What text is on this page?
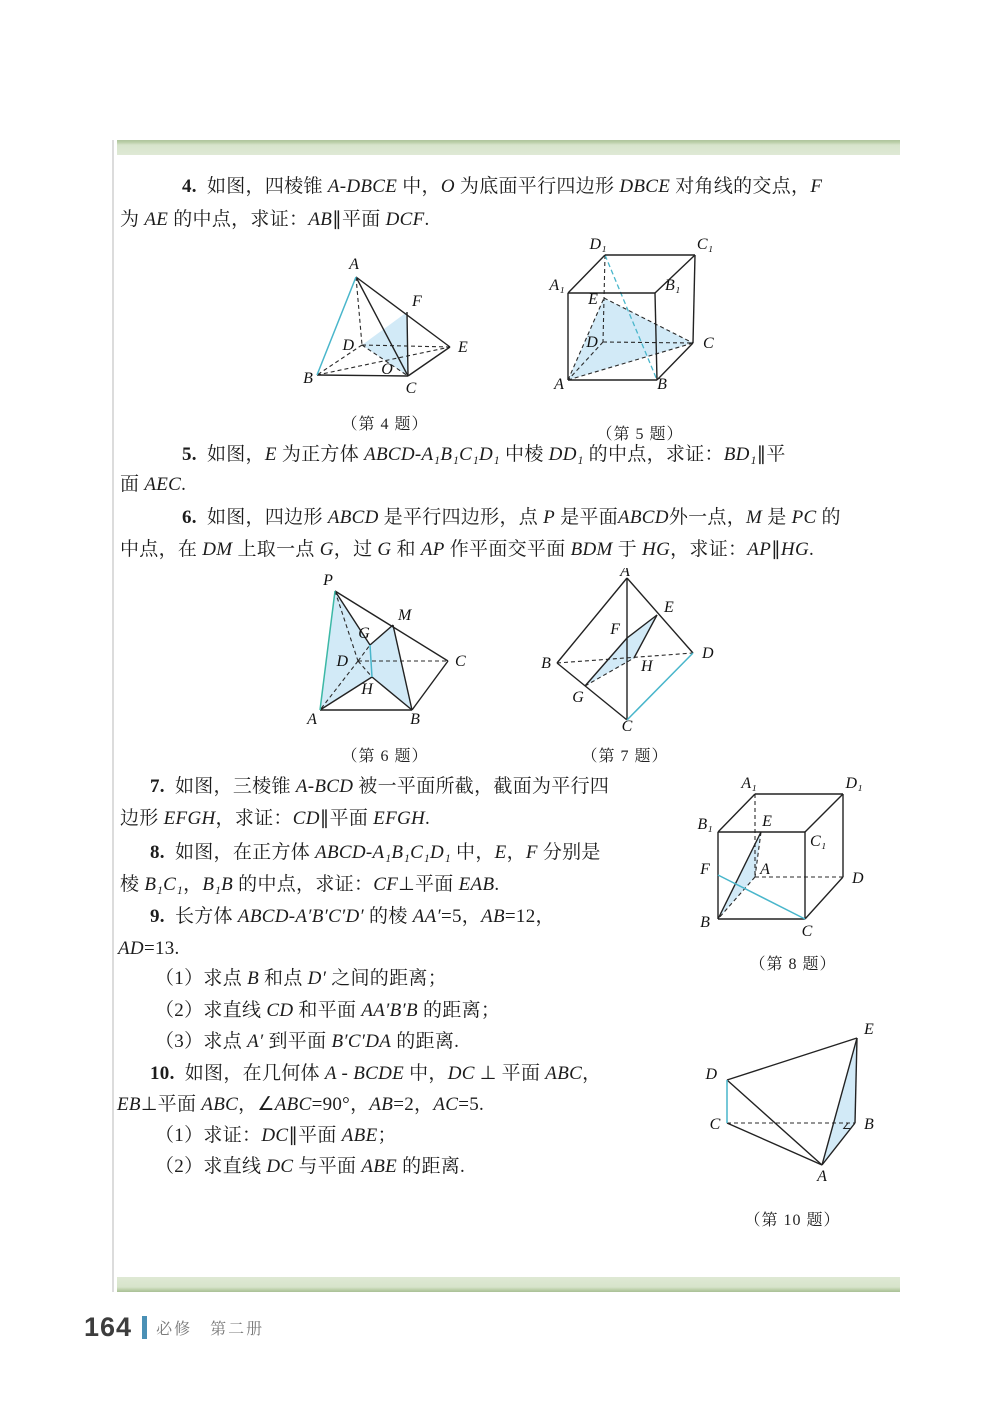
4.  如图，四棱锥 A-DBCE 中，O 为底面平行四边形 DBCE 对角线的交点，F
为 AE 的中点，求证：AB∥平面 DCF.
5.  如图，E 为正方体 ABCD-A₁B₁C₁D₁ 中棱 DD₁ 的中点，求证：BD₁∥平
面 AEC.
6.  如图，四边形 ABCD 是平行四边形，点 P 是平面ABCD外一点，M 是 PC 的
中点，在 DM 上取一点 G，过 G 和 AP 作平面交平面 BDM 于 HG，求证：AP∥HG.
7.  如图，三棱锥 A-BCD 被一平面所截，截面为平行四
边形 EFGH，求证：CD∥平面 EFGH.
8.  如图，在正方体 ABCD-A₁B₁C₁D₁ 中，E，F 分别是
棱 B₁C₁，B₁B 的中点，求证：CF⊥平面 EAB.
9.  长方体 ABCD-A′B′C′D′ 的棱 AA′=5，AB=12，
AD=13.
（1）求点 B 和点 D′ 之间的距离；
（2）求直线 CD 和平面 AA′B′B 的距离；
（3）求点 A′ 到平面 B′C′DA 的距离.
10.  如图，在几何体 A - BCDE 中，DC ⊥ 平面 ABC，
EB⊥平面 ABC，∠ABC=90°，AB=2，AC=5.
（1）求证：DC∥平面 ABE；
（2）求直线 DC 与平面 ABE 的距离.
A
F
D	E
O
B
C
（第 4 题）
D₁	C₁
A₁	B₁
E
D	C
A	B
（第 5 题）
P
M
G
D	C
H
A	B
（第 6 题）
A
E
F
B
D
H
G
C
（第 7 题）
A₁	D₁
B₁
C₁
E
F	A
D
B
C
（第 8 题）
E
D
C	B
A
（第 10 题）
164 必修　第二册
